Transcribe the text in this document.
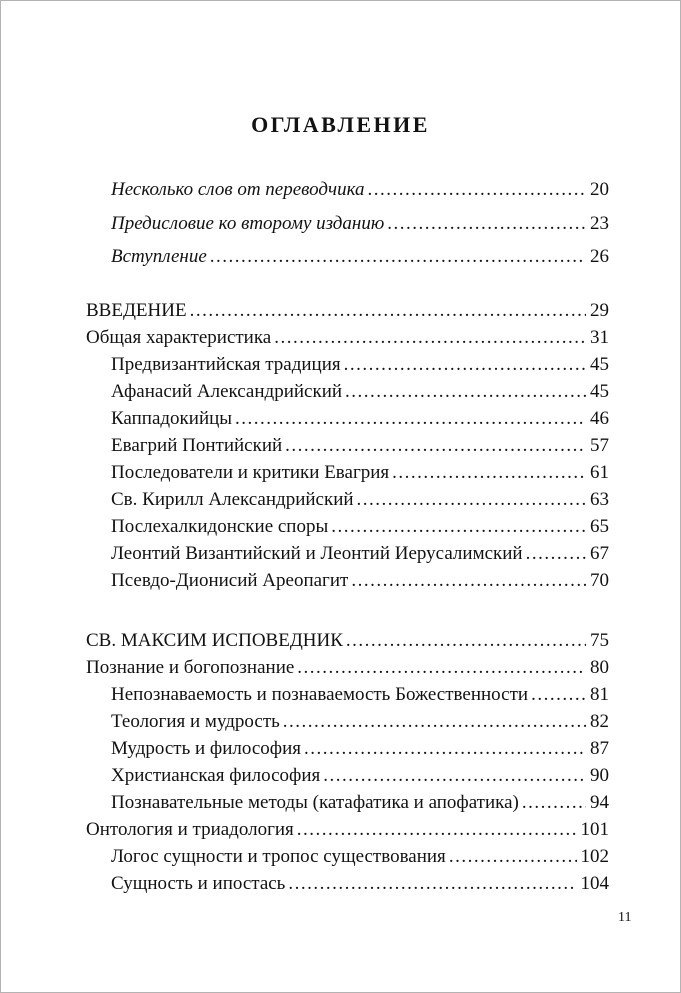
ОГЛАВЛЕНИЕ
Несколько слов от переводчика .....	20
Предисловие ко второму изданию .....	23
Вступление .....	26
ВВЕДЕНИЕ .....	29
Общая характеристика .....	31
Предвизантийская традиция .....	45
Афанасий Александрийский .....	45
Каппадокийцы .....	46
Евагрий Понтийский .....	57
Последователи и критики Евагрия .....	61
Св. Кирилл Александрийский .....	63
Послехалкидонские споры .....	65
Леонтий Византийский и Леонтий Иерусалимский .....	67
Псевдо-Дионисий Ареопагит .....	70
СВ. МАКСИМ ИСПОВЕДНИК .....	75
Познание и богопознание .....	80
Непознаваемость и познаваемость Божественности .....	81
Теология и мудрость .....	82
Мудрость и философия .....	87
Христианская философия .....	90
Познавательные методы (катафатика и апофатика) .....	94
Онтология и триадология .....	101
Логос сущности и тропос существования .....	102
Сущность и ипостась .....	104
11
